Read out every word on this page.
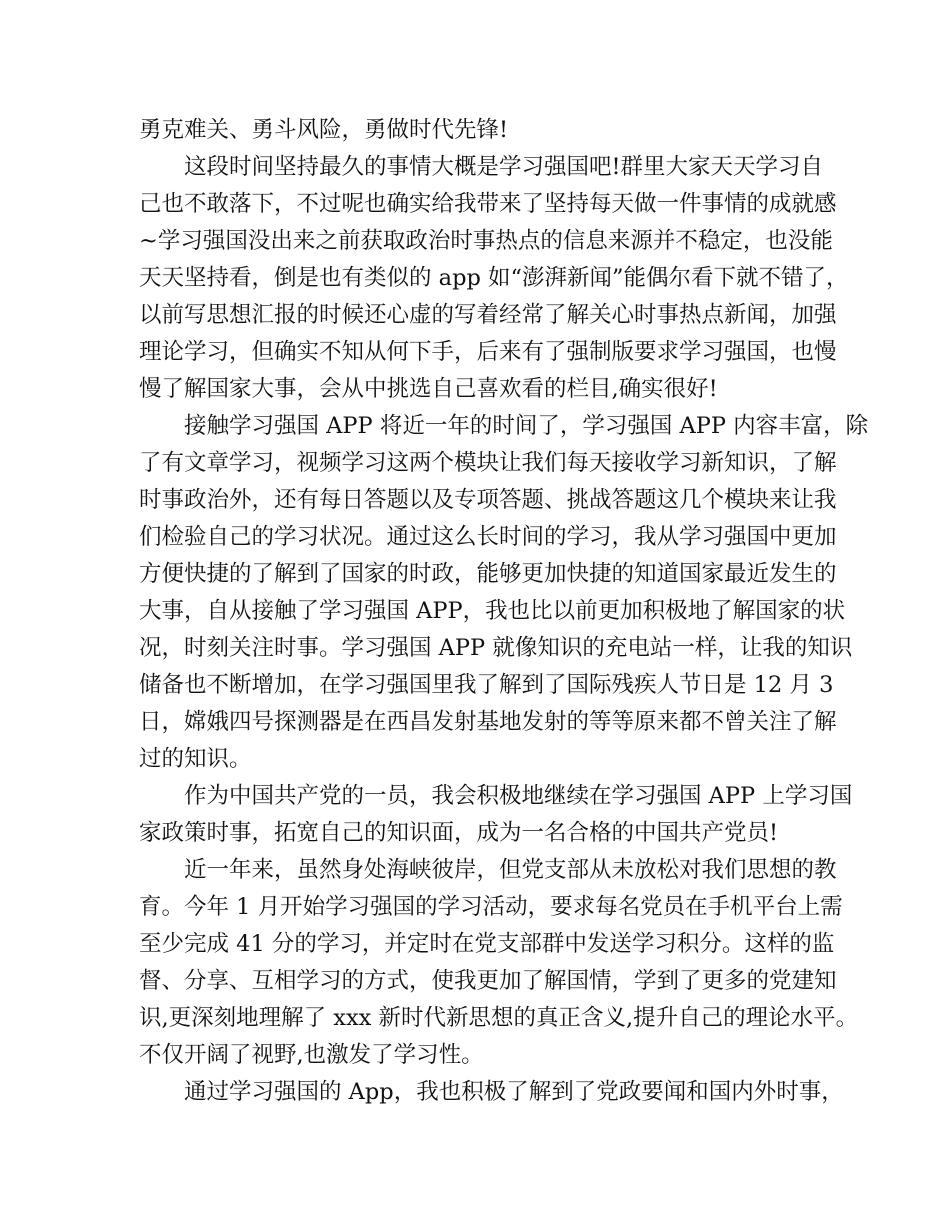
勇克难关、勇斗风险，勇做时代先锋!
这段时间坚持最久的事情大概是学习强国吧!群里大家天天学习自
己也不敢落下，不过呢也确实给我带来了坚持每天做一件事情的成就感
~学习强国没出来之前获取政治时事热点的信息来源并不稳定，也没能
天天坚持看，倒是也有类似的 app 如“澎湃新闻”能偶尔看下就不错了，
以前写思想汇报的时候还心虚的写着经常了解关心时事热点新闻，加强
理论学习，但确实不知从何下手，后来有了强制版要求学习强国，也慢
慢了解国家大事，会从中挑选自己喜欢看的栏目,确实很好!
接触学习强国 APP 将近一年的时间了，学习强国 APP 内容丰富，除
了有文章学习，视频学习这两个模块让我们每天接收学习新知识，了解
时事政治外，还有每日答题以及专项答题、挑战答题这几个模块来让我
们检验自己的学习状况。通过这么长时间的学习，我从学习强国中更加
方便快捷的了解到了国家的时政，能够更加快捷的知道国家最近发生的
大事，自从接触了学习强国 APP，我也比以前更加积极地了解国家的状
况，时刻关注时事。学习强国 APP 就像知识的充电站一样，让我的知识
储备也不断增加，在学习强国里我了解到了国际残疾人节日是 12 月 3
日，嫦娥四号探测器是在西昌发射基地发射的等等原来都不曾关注了解
过的知识。
作为中国共产党的一员，我会积极地继续在学习强国 APP 上学习国
家政策时事，拓宽自己的知识面，成为一名合格的中国共产党员!
近一年来，虽然身处海峡彼岸，但党支部从未放松对我们思想的教
育。今年 1 月开始学习强国的学习活动，要求每名党员在手机平台上需
至少完成 41 分的学习，并定时在党支部群中发送学习积分。这样的监
督、分享、互相学习的方式，使我更加了解国情，学到了更多的党建知
识,更深刻地理解了 xxx 新时代新思想的真正含义,提升自己的理论水平。
不仅开阔了视野,也激发了学习性。
通过学习强国的 App，我也积极了解到了党政要闻和国内外时事，
